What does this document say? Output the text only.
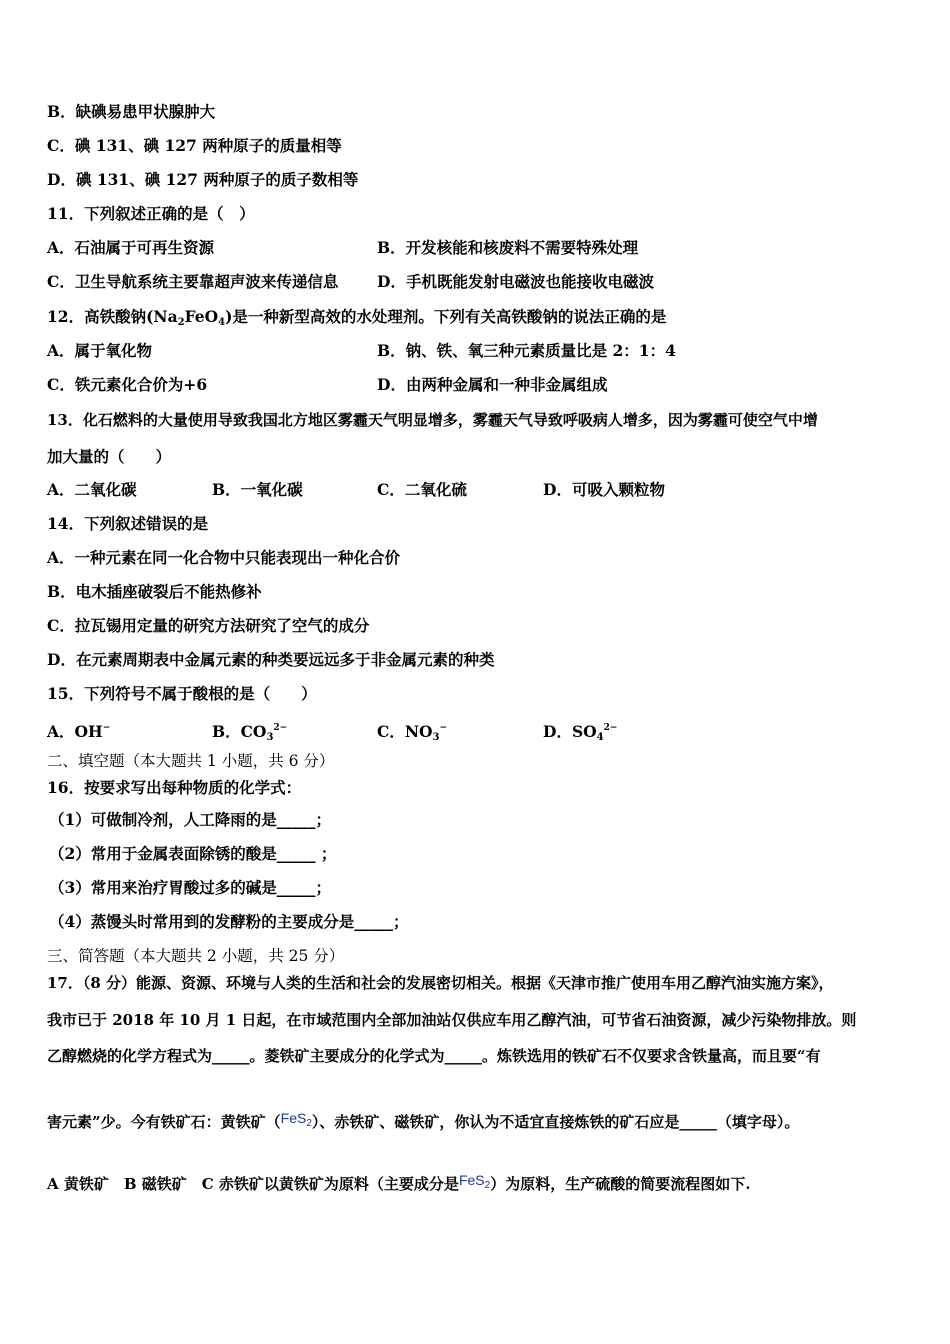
B．缺碘易患甲状腺肿大
C．碘 131、碘 127 两种原子的质量相等
D．碘 131、碘 127 两种原子的质子数相等
11．下列叙述正确的是（　）
A．石油属于可再生资源	B．开发核能和核废料不需要特殊处理
C．卫生导航系统主要靠超声波来传递信息 D．手机既能发射电磁波也能接收电磁波
12．高铁酸钠$(Na_2FeO_4)$是一种新型高效的水处理剂。下列有关高铁酸钠的说法正确的是
A．属于氧化物	B．钠、铁、氧三种元素质量比是 2：1：4
C．铁元素化合价为+6	D．由两种金属和一种非金属组成
13．化石燃料的大量使用导致我国北方地区雾霾天气明显增多，雾霾天气导致呼吸病人增多，因为雾霾可使空气中增
加大量的（　　）
A．二氧化碳	B．一氧化碳	C．二氧化硫	D．可吸入颗粒物
14．下列叙述错误的是
A．一种元素在同一化合物中只能表现出一种化合价
B．电木插座破裂后不能热修补
C．拉瓦锡用定量的研究方法研究了空气的成分
D．在元素周期表中金属元素的种类要远远多于非金属元素的种类
15．下列符号不属于酸根的是（　　）
A．OH−	B．$CO_3^{2-}$	C．$NO_3^-$	D．$SO_4^{2-}$
二、填空题（本大题共 1 小题，共 6 分）
16．按要求写出每种物质的化学式：
（1）可做制冷剂，人工降雨的是_____；
（2）常用于金属表面除锈的酸是_____ ；
（3）常用来治疗胃酸过多的碱是_____；
（4）蒸馒头时常用到的发酵粉的主要成分是_____；
三、简答题（本大题共 2 小题，共 25 分）
17．（8 分）能源、资源、环境与人类的生活和社会的发展密切相关。根据《天津市推广使用车用乙醇汽油实施方案》，
我市已于 2018 年 10 月 1 日起，在市域范围内全部加油站仅供应车用乙醇汽油，可节省石油资源，减少污染物排放。则
乙醇燃烧的化学方程式为_____。菱铁矿主要成分的化学式为_____。炼铁选用的铁矿石不仅要求含铁量高，而且要“有
害元素”少。今有铁矿石：黄铁矿（FeS$_2$）、赤铁矿、磁铁矿，你认为不适宜直接炼铁的矿石应是_____（填字母）。
A 黄铁矿　B 磁铁矿　C 赤铁矿以黄铁矿为原料（主要成分是FeS$_2$）为原料，生产硫酸的简要流程图如下.
